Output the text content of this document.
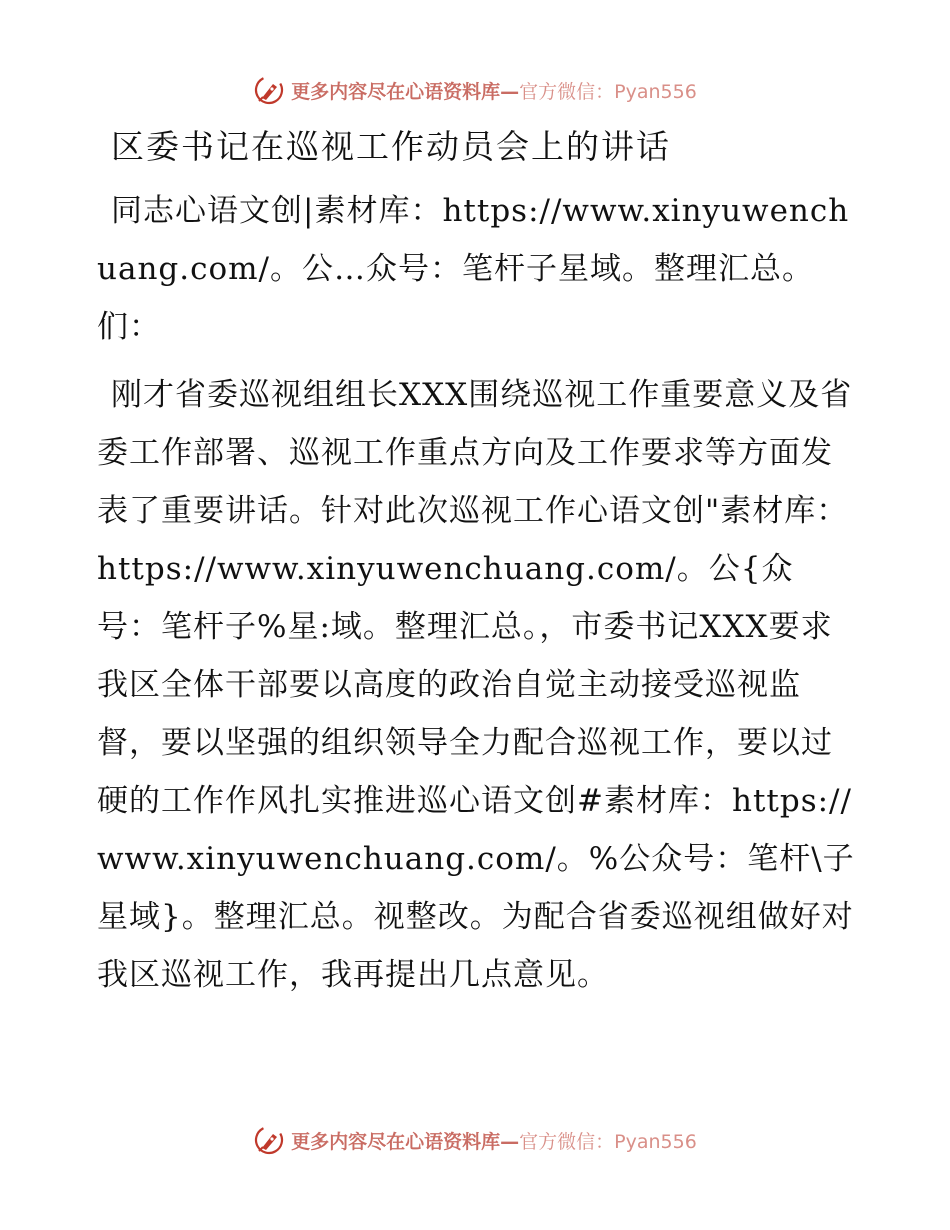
更多内容尽在心语资料库—官方微信：Pyan556
区委书记在巡视工作动员会上的讲话

同志心语文创|素材库：https://www.xinyuwenchuang.com/。公…众号：笔杆子星域。整理汇总。们：

刚才省委巡视组组长XXX围绕巡视工作重要意义及省委工作部署、巡视工作重点方向及工作要求等方面发表了重要讲话。针对此次巡视工作心语文创"素材库：https://www.xinyuwenchuang.com/。公{众号：笔杆子%星:域。整理汇总。，市委书记XXX要求我区全体干部要以高度的政治自觉主动接受巡视监督，要以坚强的组织领导全力配合巡视工作，要以过硬的工作作风扎实推进巡心语文创#素材库：https://www.xinyuwenchuang.com/。%公众号：笔杆\子星域}。整理汇总。视整改。为配合省委巡视组做好对我区巡视工作，我再提出几点意见。

更多内容尽在心语资料库—官方微信：Pyan556
